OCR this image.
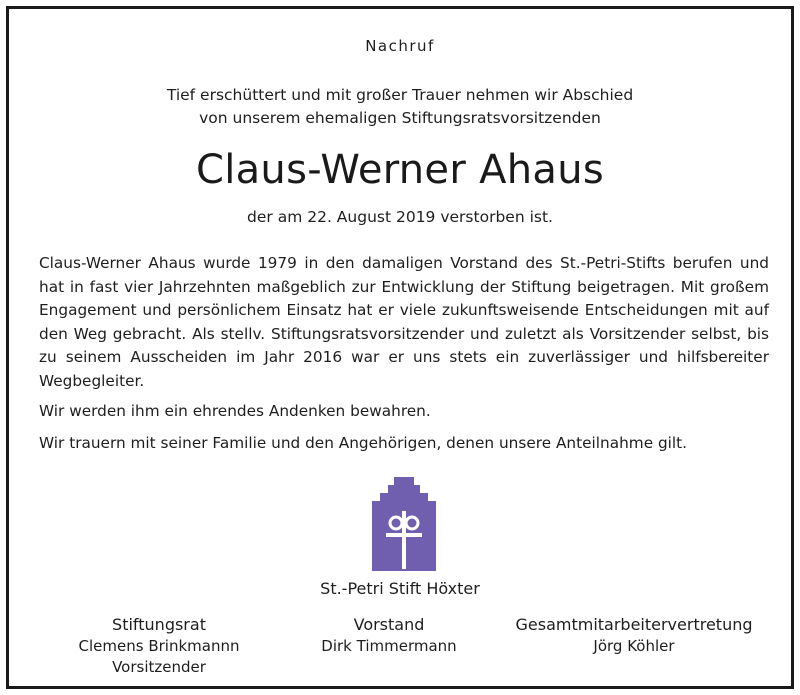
Nachruf
Tief erschüttert und mit großer Trauer nehmen wir Abschied
von unserem ehemaligen Stiftungsratsvorsitzenden
Claus-Werner Ahaus
der am 22. August 2019 verstorben ist.
Claus-Werner Ahaus wurde 1979 in den damaligen Vorstand des St.-Petri-Stifts berufen und hat in fast vier Jahrzehnten maßgeblich zur Entwicklung der Stiftung beigetragen. Mit großem Engagement und persönlichem Einsatz hat er viele zukunftsweisende Entscheidungen mit auf den Weg gebracht. Als stellv. Stiftungsratsvorsitzender und zuletzt als Vorsitzender selbst, bis zu seinem Ausscheiden im Jahr 2016 war er uns stets ein zuverlässiger und hilfsbereiter Wegbegleiter.
Wir werden ihm ein ehrendes Andenken bewahren.
Wir trauern mit seiner Familie und den Angehörigen, denen unsere Anteilnahme gilt.
St.-Petri Stift Höxter
Stiftungsrat
Clemens Brinkmannn
Vorsitzender
Vorstand
Dirk Timmermann
Gesamtmitarbeitervertretung
Jörg Köhler
